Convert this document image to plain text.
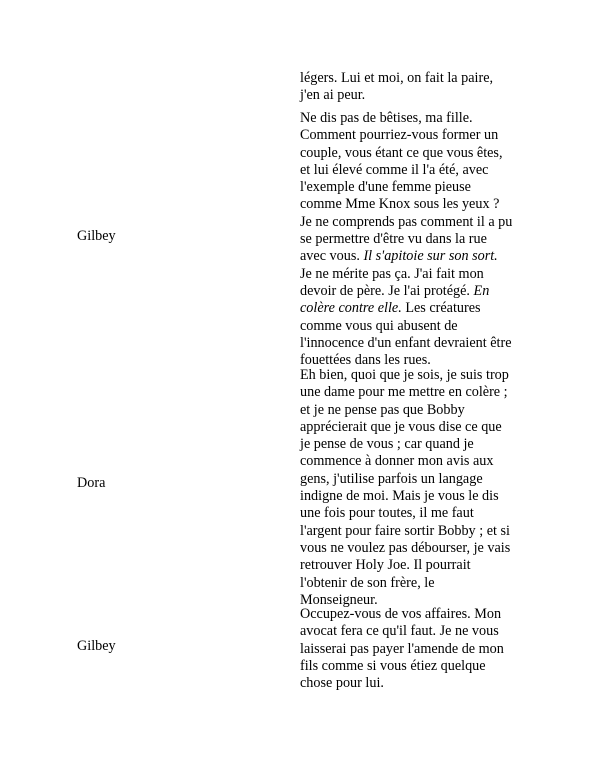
légers. Lui et moi, on fait la paire,
j'en ai peur.
Gilbey
Ne dis pas de bêtises, ma fille.
Comment pourriez-vous former un
couple, vous étant ce que vous êtes,
et lui élevé comme il l'a été, avec
l'exemple d'une femme pieuse
comme Mme Knox sous les yeux ?
Je ne comprends pas comment il a pu
se permettre d'être vu dans la rue
avec vous. Il s'apitoie sur son sort.
Je ne mérite pas ça. J'ai fait mon
devoir de père. Je l'ai protégé. En
colère contre elle. Les créatures
comme vous qui abusent de
l'innocence d'un enfant devraient être
fouettées dans les rues.
Dora
Eh bien, quoi que je sois, je suis trop
une dame pour me mettre en colère ;
et je ne pense pas que Bobby
apprécierait que je vous dise ce que
je pense de vous ; car quand je
commence à donner mon avis aux
gens, j'utilise parfois un langage
indigne de moi. Mais je vous le dis
une fois pour toutes, il me faut
l'argent pour faire sortir Bobby ; et si
vous ne voulez pas débourser, je vais
retrouver Holy Joe. Il pourrait
l'obtenir de son frère, le
Monseigneur.
Gilbey
Occupez-vous de vos affaires. Mon
avocat fera ce qu'il faut. Je ne vous
laisserai pas payer l'amende de mon
fils comme si vous étiez quelque
chose pour lui.
